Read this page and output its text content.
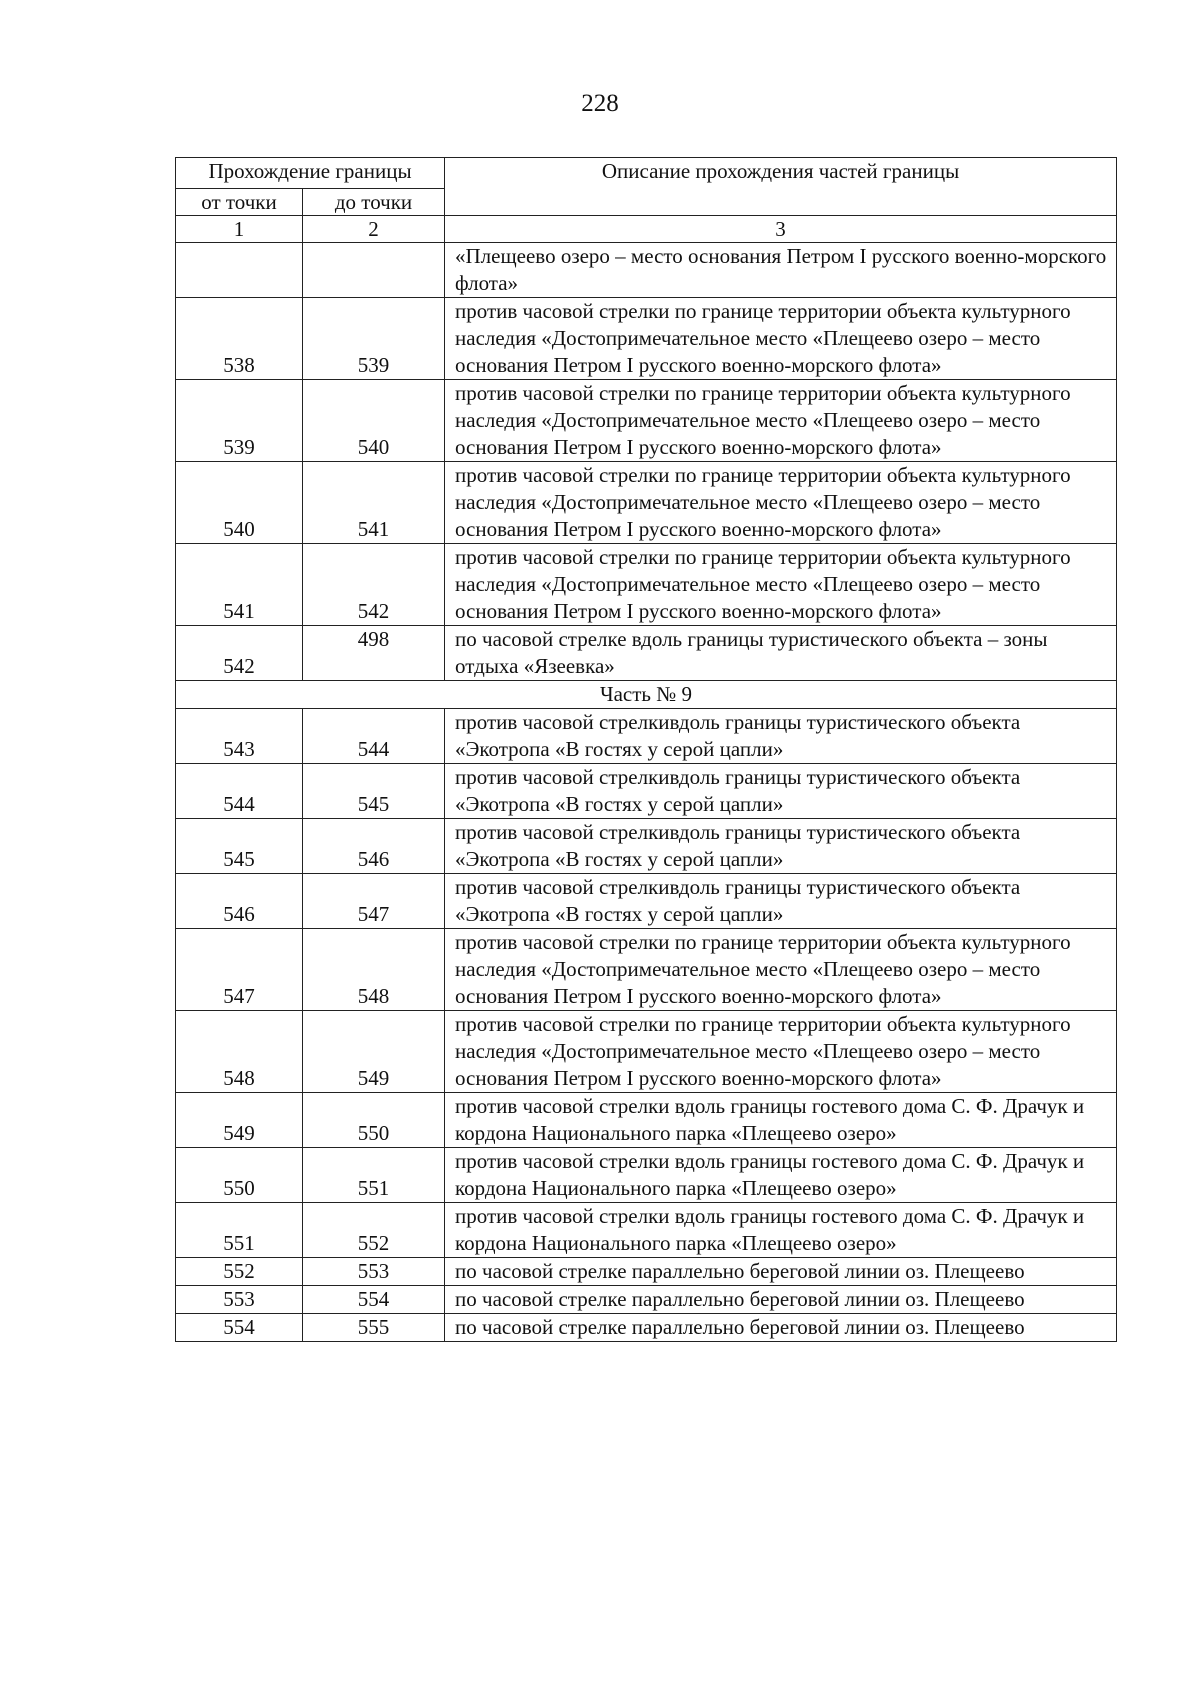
228
Прохождение границы		Описание прохождения частей границы
от точки	до точки	
1	2	3
		«Плещеево озеро – место основания Петром I русского военно-морского флота»
538	539	против часовой стрелки по границе территории объекта культурного наследия «Достопримечательное место «Плещеево озеро – место основания Петром I русского военно-морского флота»
539	540	против часовой стрелки по границе территории объекта культурного наследия «Достопримечательное место «Плещеево озеро – место основания Петром I русского военно-морского флота»
540	541	против часовой стрелки по границе территории объекта культурного наследия «Достопримечательное место «Плещеево озеро – место основания Петром I русского военно-морского флота»
541	542	против часовой стрелки по границе территории объекта культурного наследия «Достопримечательное место «Плещеево озеро – место основания Петром I русского военно-морского флота»
542	498	по часовой стрелке вдоль границы туристического объекта – зоны отдыха «Язеевка»
Часть № 9		
543	544	против часовой стрелкивдоль границы туристического объекта «Экотропа «В гостях у серой цапли»
544	545	против часовой стрелкивдоль границы туристического объекта «Экотропа «В гостях у серой цапли»
545	546	против часовой стрелкивдоль границы туристического объекта «Экотропа «В гостях у серой цапли»
546	547	против часовой стрелкивдоль границы туристического объекта «Экотропа «В гостях у серой цапли»
547	548	против часовой стрелки по границе территории объекта культурного наследия «Достопримечательное место «Плещеево озеро – место основания Петром I русского военно-морского флота»
548	549	против часовой стрелки по границе территории объекта культурного наследия «Достопримечательное место «Плещеево озеро – место основания Петром I русского военно-морского флота»
549	550	против часовой стрелки вдоль границы гостевого дома С. Ф. Драчук и кордона Национального парка «Плещеево озеро»
550	551	против часовой стрелки вдоль границы гостевого дома С. Ф. Драчук и кордона Национального парка «Плещеево озеро»
551	552	против часовой стрелки вдоль границы гостевого дома С. Ф. Драчук и кордона Национального парка «Плещеево озеро»
552	553	по часовой стрелке параллельно береговой линии оз. Плещеево
553	554	по часовой стрелке параллельно береговой линии оз. Плещеево
554	555	по часовой стрелке параллельно береговой линии оз. Плещеево
